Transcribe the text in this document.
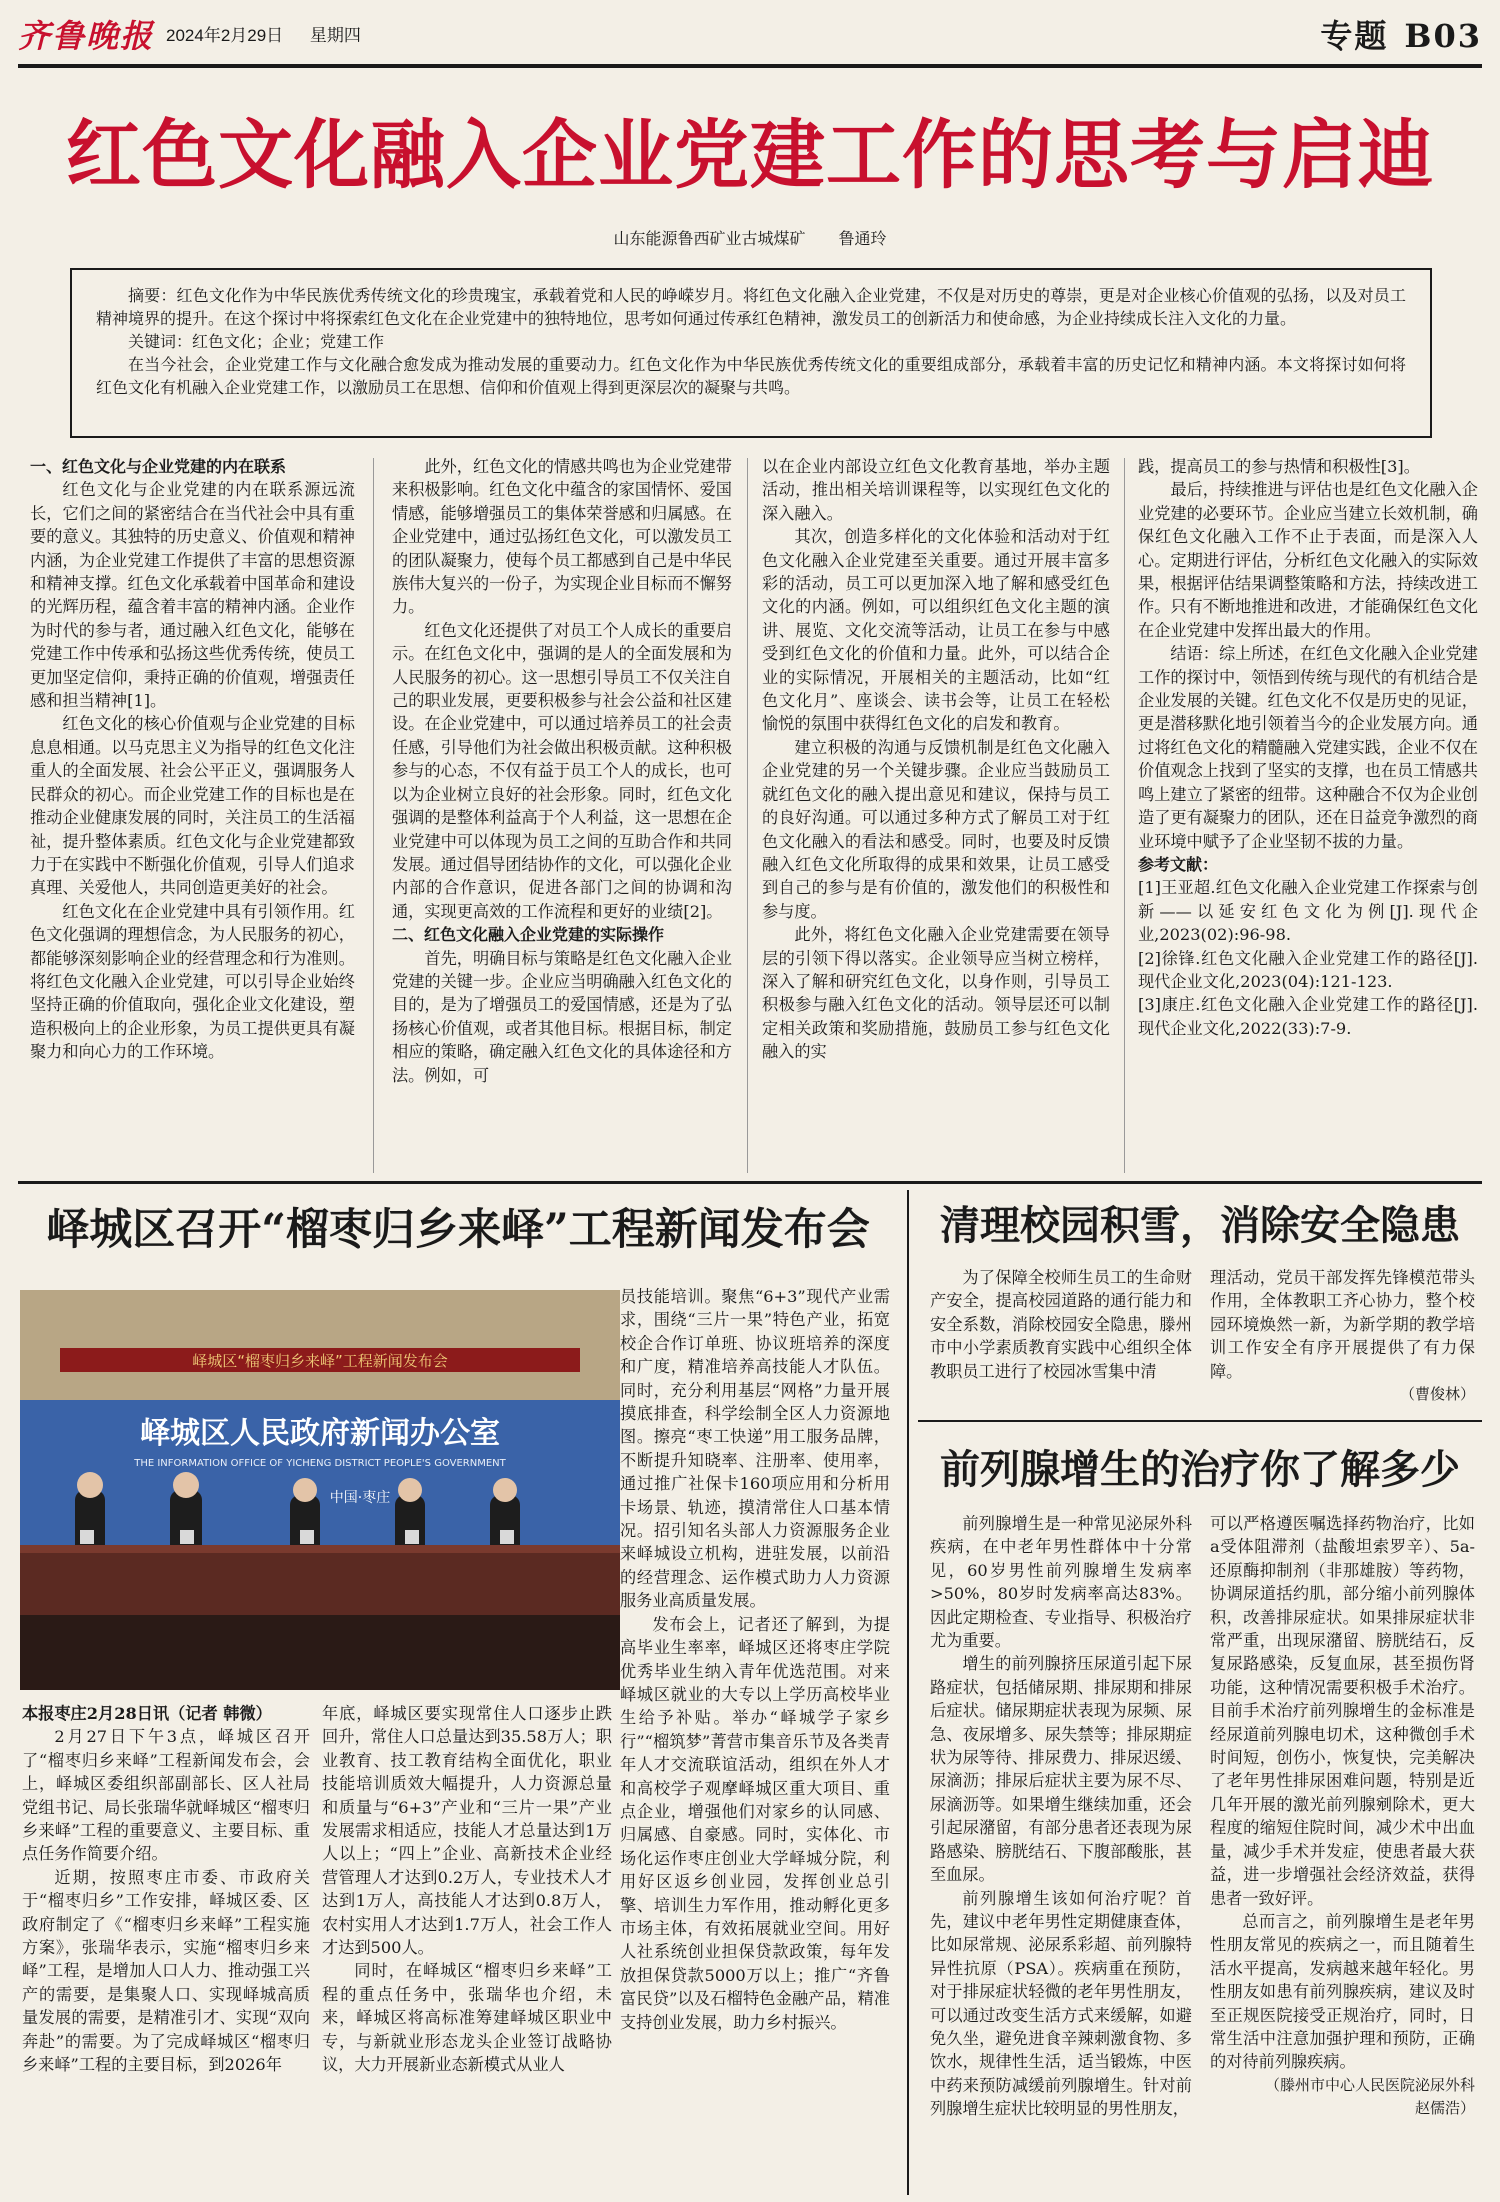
齐鲁晚报 2024年2月29日 星期四	专题 B03
红色文化融入企业党建工作的思考与启迪
山东能源鲁西矿业古城煤矿 鲁通玲

摘要：红色文化作为中华民族优秀传统文化的珍贵瑰宝，承载着党和人民的峥嵘岁月。将红色文化融入企业党建，不仅是对历史的尊崇，更是对企业核心价值观的弘扬，以及对员工精神境界的提升。在这个探讨中将探索红色文化在企业党建中的独特地位，思考如何通过传承红色精神，激发员工的创新活力和使命感，为企业持续成长注入文化的力量。

关键词：红色文化；企业；党建工作

在当今社会，企业党建工作与文化融合愈发成为推动发展的重要动力。红色文化作为中华民族优秀传统文化的重要组成部分，承载着丰富的历史记忆和精神内涵。本文将探讨如何将红色文化有机融入企业党建工作，以激励员工在思想、信仰和价值观上得到更深层次的凝聚与共鸣。

一、红色文化与企业党建的内在联系

红色文化与企业党建的内在联系源远流长，它们之间的紧密结合在当代社会中具有重要的意义。其独特的历史意义、价值观和精神内涵，为企业党建工作提供了丰富的思想资源和精神支撑。红色文化承载着中国革命和建设的光辉历程，蕴含着丰富的精神内涵。企业作为时代的参与者，通过融入红色文化，能够在党建工作中传承和弘扬这些优秀传统，使员工更加坚定信仰，秉持正确的价值观，增强责任感和担当精神[1]。

红色文化的核心价值观与企业党建的目标息息相通。以马克思主义为指导的红色文化注重人的全面发展、社会公平正义，强调服务人民群众的初心。而企业党建工作的目标也是在推动企业健康发展的同时，关注员工的生活福祉，提升整体素质。红色文化与企业党建都致力于在实践中不断强化价值观，引导人们追求真理、关爱他人，共同创造更美好的社会。

红色文化在企业党建中具有引领作用。红色文化强调的理想信念，为人民服务的初心，都能够深刻影响企业的经营理念和行为准则。将红色文化融入企业党建，可以引导企业始终坚持正确的价值取向，强化企业文化建设，塑造积极向上的企业形象，为员工提供更具有凝聚力和向心力的工作环境。

此外，红色文化的情感共鸣也为企业党建带来积极影响。红色文化中蕴含的家国情怀、爱国情感，能够增强员工的集体荣誉感和归属感。在企业党建中，通过弘扬红色文化，可以激发员工的团队凝聚力，使每个员工都感到自己是中华民族伟大复兴的一份子，为实现企业目标而不懈努力。

红色文化还提供了对员工个人成长的重要启示。在红色文化中，强调的是人的全面发展和为人民服务的初心。这一思想引导员工不仅关注自己的职业发展，更要积极参与社会公益和社区建设。在企业党建中，可以通过培养员工的社会责任感，引导他们为社会做出积极贡献。这种积极参与的心态，不仅有益于员工个人的成长，也可以为企业树立良好的社会形象。同时，红色文化强调的是整体利益高于个人利益，这一思想在企业党建中可以体现为员工之间的互助合作和共同发展。通过倡导团结协作的文化，可以强化企业内部的合作意识，促进各部门之间的协调和沟通，实现更高效的工作流程和更好的业绩[2]。

二、红色文化融入企业党建的实际操作

首先，明确目标与策略是红色文化融入企业党建的关键一步。企业应当明确融入红色文化的目的，是为了增强员工的爱国情感，还是为了弘扬核心价值观，或者其他目标。根据目标，制定相应的策略，确定融入红色文化的具体途径和方法。例如，可

以在企业内部设立红色文化教育基地，举办主题活动，推出相关培训课程等，以实现红色文化的深入融入。

其次，创造多样化的文化体验和活动对于红色文化融入企业党建至关重要。通过开展丰富多彩的活动，员工可以更加深入地了解和感受红色文化的内涵。例如，可以组织红色文化主题的演讲、展览、文化交流等活动，让员工在参与中感受到红色文化的价值和力量。此外，可以结合企业的实际情况，开展相关的主题活动，比如“红色文化月”、座谈会、读书会等，让员工在轻松愉悦的氛围中获得红色文化的启发和教育。

建立积极的沟通与反馈机制是红色文化融入企业党建的另一个关键步骤。企业应当鼓励员工就红色文化的融入提出意见和建议，保持与员工的良好沟通。可以通过多种方式了解员工对于红色文化融入的看法和感受。同时，也要及时反馈融入红色文化所取得的成果和效果，让员工感受到自己的参与是有价值的，激发他们的积极性和参与度。

此外，将红色文化融入企业党建需要在领导层的引领下得以落实。企业领导应当树立榜样，深入了解和研究红色文化，以身作则，引导员工积极参与融入红色文化的活动。领导层还可以制定相关政策和奖励措施，鼓励员工参与红色文化融入的实

践，提高员工的参与热情和积极性[3]。

最后，持续推进与评估也是红色文化融入企业党建的必要环节。企业应当建立长效机制，确保红色文化融入工作不止于表面，而是深入人心。定期进行评估，分析红色文化融入的实际效果，根据评估结果调整策略和方法，持续改进工作。只有不断地推进和改进，才能确保红色文化在企业党建中发挥出最大的作用。

结语：综上所述，在红色文化融入企业党建工作的探讨中，领悟到传统与现代的有机结合是企业发展的关键。红色文化不仅是历史的见证，更是潜移默化地引领着当今的企业发展方向。通过将红色文化的精髓融入党建实践，企业不仅在价值观念上找到了坚实的支撑，也在员工情感共鸣上建立了紧密的纽带。这种融合不仅为企业创造了更有凝聚力的团队，还在日益竞争激烈的商业环境中赋予了企业坚韧不拔的力量。

参考文献：

[1]王亚超.红色文化融入企业党建工作探索与创新——以延安红色文化为例[J].现代企业,2023(02):96-98.

[2]徐锋.红色文化融入企业党建工作的路径[J].现代企业文化,2023(04):121-123.

[3]康庄.红色文化融入企业党建工作的路径[J].现代企业文化,2022(33):7-9.

峄城区召开“榴枣归乡来峄”工程新闻发布会
峄城区“榴枣归乡来峄”工程新闻发布会
峄城区人民政府新闻办公室
THE INFORMATION OFFICE OF YICHENG DISTRICT PEOPLE'S GOVERNMENT
中国·枣庄

本报枣庄2月28日讯（记者 韩微）

2月27日下午3点，峄城区召开了“榴枣归乡来峄”工程新闻发布会，会上，峄城区委组织部副部长、区人社局党组书记、局长张瑞华就峄城区“榴枣归乡来峄”工程的重要意义、主要目标、重点任务作简要介绍。

近期，按照枣庄市委、市政府关于“榴枣归乡”工作安排，峄城区委、区政府制定了《“榴枣归乡来峄”工程实施方案》，张瑞华表示，实施“榴枣归乡来峄”工程，是增加人口人力、推动强工兴产的需要，是集聚人口、实现峄城高质量发展的需要，是精准引才、实现“双向奔赴”的需要。为了完成峄城区“榴枣归乡来峄”工程的主要目标，到2026年

年底，峄城区要实现常住人口逐步止跌回升，常住人口总量达到35.58万人；职业教育、技工教育结构全面优化，职业技能培训质效大幅提升，人力资源总量和质量与“6+3”产业和“三片一果”产业发展需求相适应，技能人才总量达到1万人以上；“四上”企业、高新技术企业经营管理人才达到0.2万人，专业技术人才达到1万人，高技能人才达到0.8万人，农村实用人才达到1.7万人，社会工作人才达到500人。

同时，在峄城区“榴枣归乡来峄”工程的重点任务中，张瑞华也介绍，未来，峄城区将高标准筹建峄城区职业中专，与新就业形态龙头企业签订战略协议，大力开展新业态新模式从业人

员技能培训。聚焦“6+3”现代产业需求，围绕“三片一果”特色产业，拓宽校企合作订单班、协议班培养的深度和广度，精准培养高技能人才队伍。同时，充分利用基层“网格”力量开展摸底排查，科学绘制全区人力资源地图。擦亮“枣工快递”用工服务品牌，不断提升知晓率、注册率、使用率，通过推广社保卡160项应用和分析用卡场景、轨迹，摸清常住人口基本情况。招引知名头部人力资源服务企业来峄城设立机构，进驻发展，以前沿的经营理念、运作模式助力人力资源服务业高质量发展。

发布会上，记者还了解到，为提高毕业生率率，峄城区还将枣庄学院优秀毕业生纳入青年优选范围。对来峄城区就业的大专以上学历高校毕业生给予补贴。举办“峄城学子家乡行”“榴筑梦”菁营市集音乐节及各类青年人才交流联谊活动，组织在外人才和高校学子观摩峄城区重大项目、重点企业，增强他们对家乡的认同感、归属感、自豪感。同时，实体化、市场化运作枣庄创业大学峄城分院，利用好区返乡创业园，发挥创业总引擎、培训生力军作用，推动孵化更多市场主体，有效拓展就业空间。用好人社系统创业担保贷款政策，每年发放担保贷款5000万以上；推广“齐鲁富民贷”以及石榴特色金融产品，精准支持创业发展，助力乡村振兴。

清理校园积雪，消除安全隐患

为了保障全校师生员工的生命财产安全，提高校园道路的通行能力和安全系数，消除校园安全隐患，滕州市中小学素质教育实践中心组织全体教职员工进行了校园冰雪集中清

理活动，党员干部发挥先锋模范带头作用，全体教职工齐心协力，整个校园环境焕然一新，为新学期的教学培训工作安全有序开展提供了有力保障。

（曹俊林）

前列腺增生的治疗你了解多少

前列腺增生是一种常见泌尿外科疾病，在中老年男性群体中十分常见，60岁男性前列腺增生发病率>50%，80岁时发病率高达83%。因此定期检查、专业指导、积极治疗尤为重要。

增生的前列腺挤压尿道引起下尿路症状，包括储尿期、排尿期和排尿后症状。储尿期症状表现为尿频、尿急、夜尿增多、尿失禁等；排尿期症状为尿等待、排尿费力、排尿迟缓、尿滴沥；排尿后症状主要为尿不尽、尿滴沥等。如果增生继续加重，还会引起尿潴留，有部分患者还表现为尿路感染、膀胱结石、下腹部酸胀，甚至血尿。

前列腺增生该如何治疗呢？首先，建议中老年男性定期健康查体，比如尿常规、泌尿系彩超、前列腺特异性抗原（PSA）。疾病重在预防，对于排尿症状轻微的老年男性朋友，可以通过改变生活方式来缓解，如避免久坐，避免进食辛辣刺激食物、多饮水，规律性生活，适当锻炼，中医中药来预防减缓前列腺增生。针对前列腺增生症状比较明显的男性朋友，

可以严格遵医嘱选择药物治疗，比如a受体阻滞剂（盐酸坦索罗辛）、5a-还原酶抑制剂（非那雄胺）等药物，协调尿道括约肌，部分缩小前列腺体积，改善排尿症状。如果排尿症状非常严重，出现尿潴留、膀胱结石，反复尿路感染，反复血尿，甚至损伤肾功能，这种情况需要积极手术治疗。目前手术治疗前列腺增生的金标准是经尿道前列腺电切术，这种微创手术时间短，创伤小，恢复快，完美解决了老年男性排尿困难问题，特别是近几年开展的激光前列腺剜除术，更大程度的缩短住院时间，减少术中出血量，减少手术并发症，使患者最大获益，进一步增强社会经济效益，获得患者一致好评。

总而言之，前列腺增生是老年男性朋友常见的疾病之一，而且随着生活水平提高，发病越来越年轻化。男性朋友如患有前列腺疾病，建议及时至正规医院接受正规治疗，同时，日常生活中注意加强护理和预防，正确的对待前列腺疾病。

（滕州市中心人民医院泌尿外科　赵儒浩）
